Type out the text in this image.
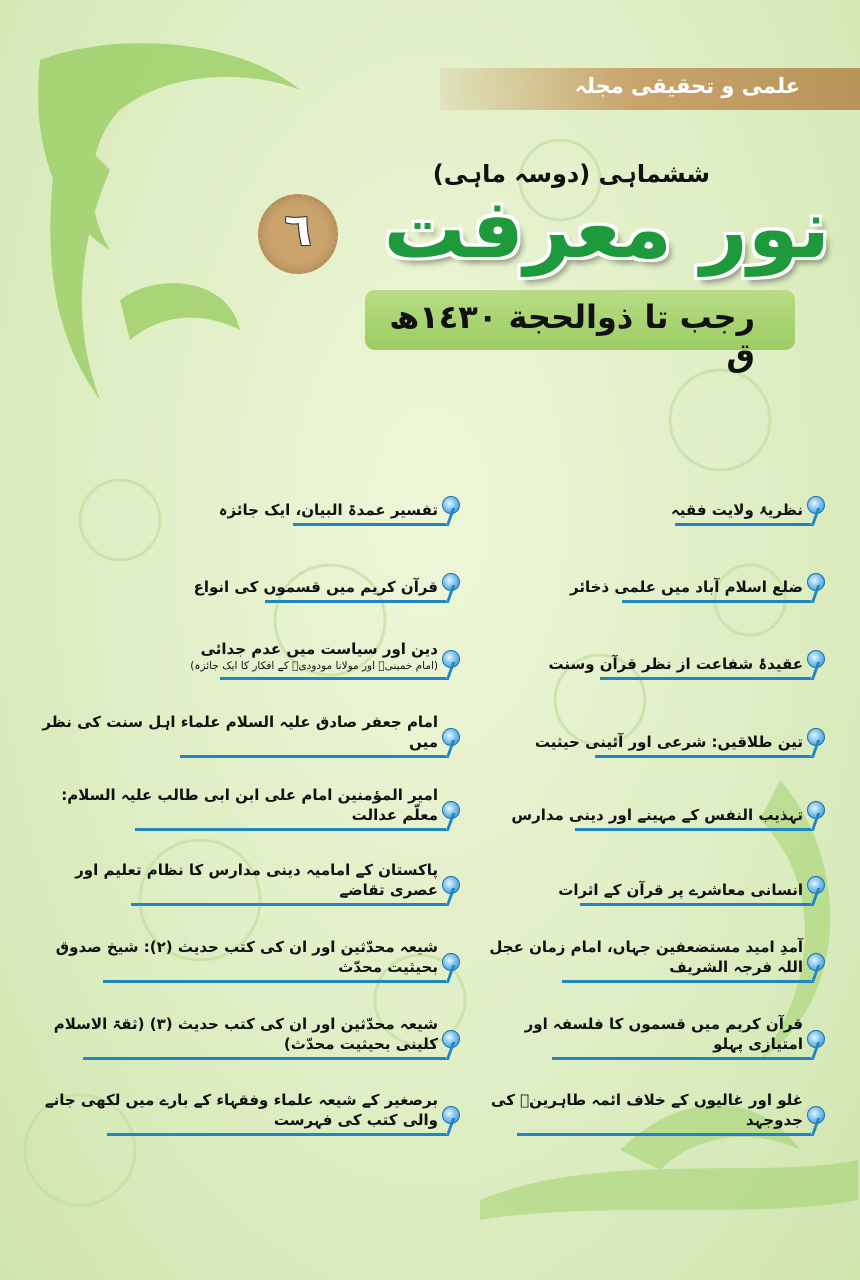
علمی و تحقیقی مجلہ
ششماہی (دوسہ ماہی)
نور معرفت
٦
رجب تا ذوالحجة ١٤٣٠ھ ق
نظریۂ ولایت فقیہ
تفسیر عمدۃ البیان، ایک جائزہ
ضلع اسلام آباد میں علمی ذخائر
قرآن کریم میں قسموں کی انواع
عقیدۂ شفاعت از نظر قرآن وسنت
دین اور سیاست میں عدم جدائی
(امام خمینیؒ اور مولانا مودودیؒ کے افکار کا ایک جائزہ)
تین طلاقیں: شرعی اور آئینی حیثیت
امام جعفر صادق علیہ السلام علماء اہل سنت کی نظر میں
تہذیب النفس کے مہینے اور دینی مدارس
امیر المؤمنین امام علی ابن ابی طالب علیہ السلام: معلّم عدالت
انسانی معاشرے پر قرآن کے اثرات
پاکستان کے امامیہ دینی مدارس کا نظام تعلیم اور عصری تقاضے
آمدِ امید مستضعفین جہاں، امام زمان عجل اللہ فرجہ الشریف
شیعہ محدّثین اور ان کی کتب حدیث (۲): شیخ صدوق بحیثیت محدّث
قرآن کریم میں قسموں کا فلسفہ اور امتیازی پہلو
شیعہ محدّثین اور ان کی کتب حدیث (۳) (ثقۃ الاسلام کلینی بحیثیت محدّث)
غلو اور غالیوں کے خلاف ائمہ طاہرینؑ کی جدوجہد
برصغیر کے شیعہ علماء وفقہاء کے بارے میں لکھی جانے والی کتب کی فہرست
